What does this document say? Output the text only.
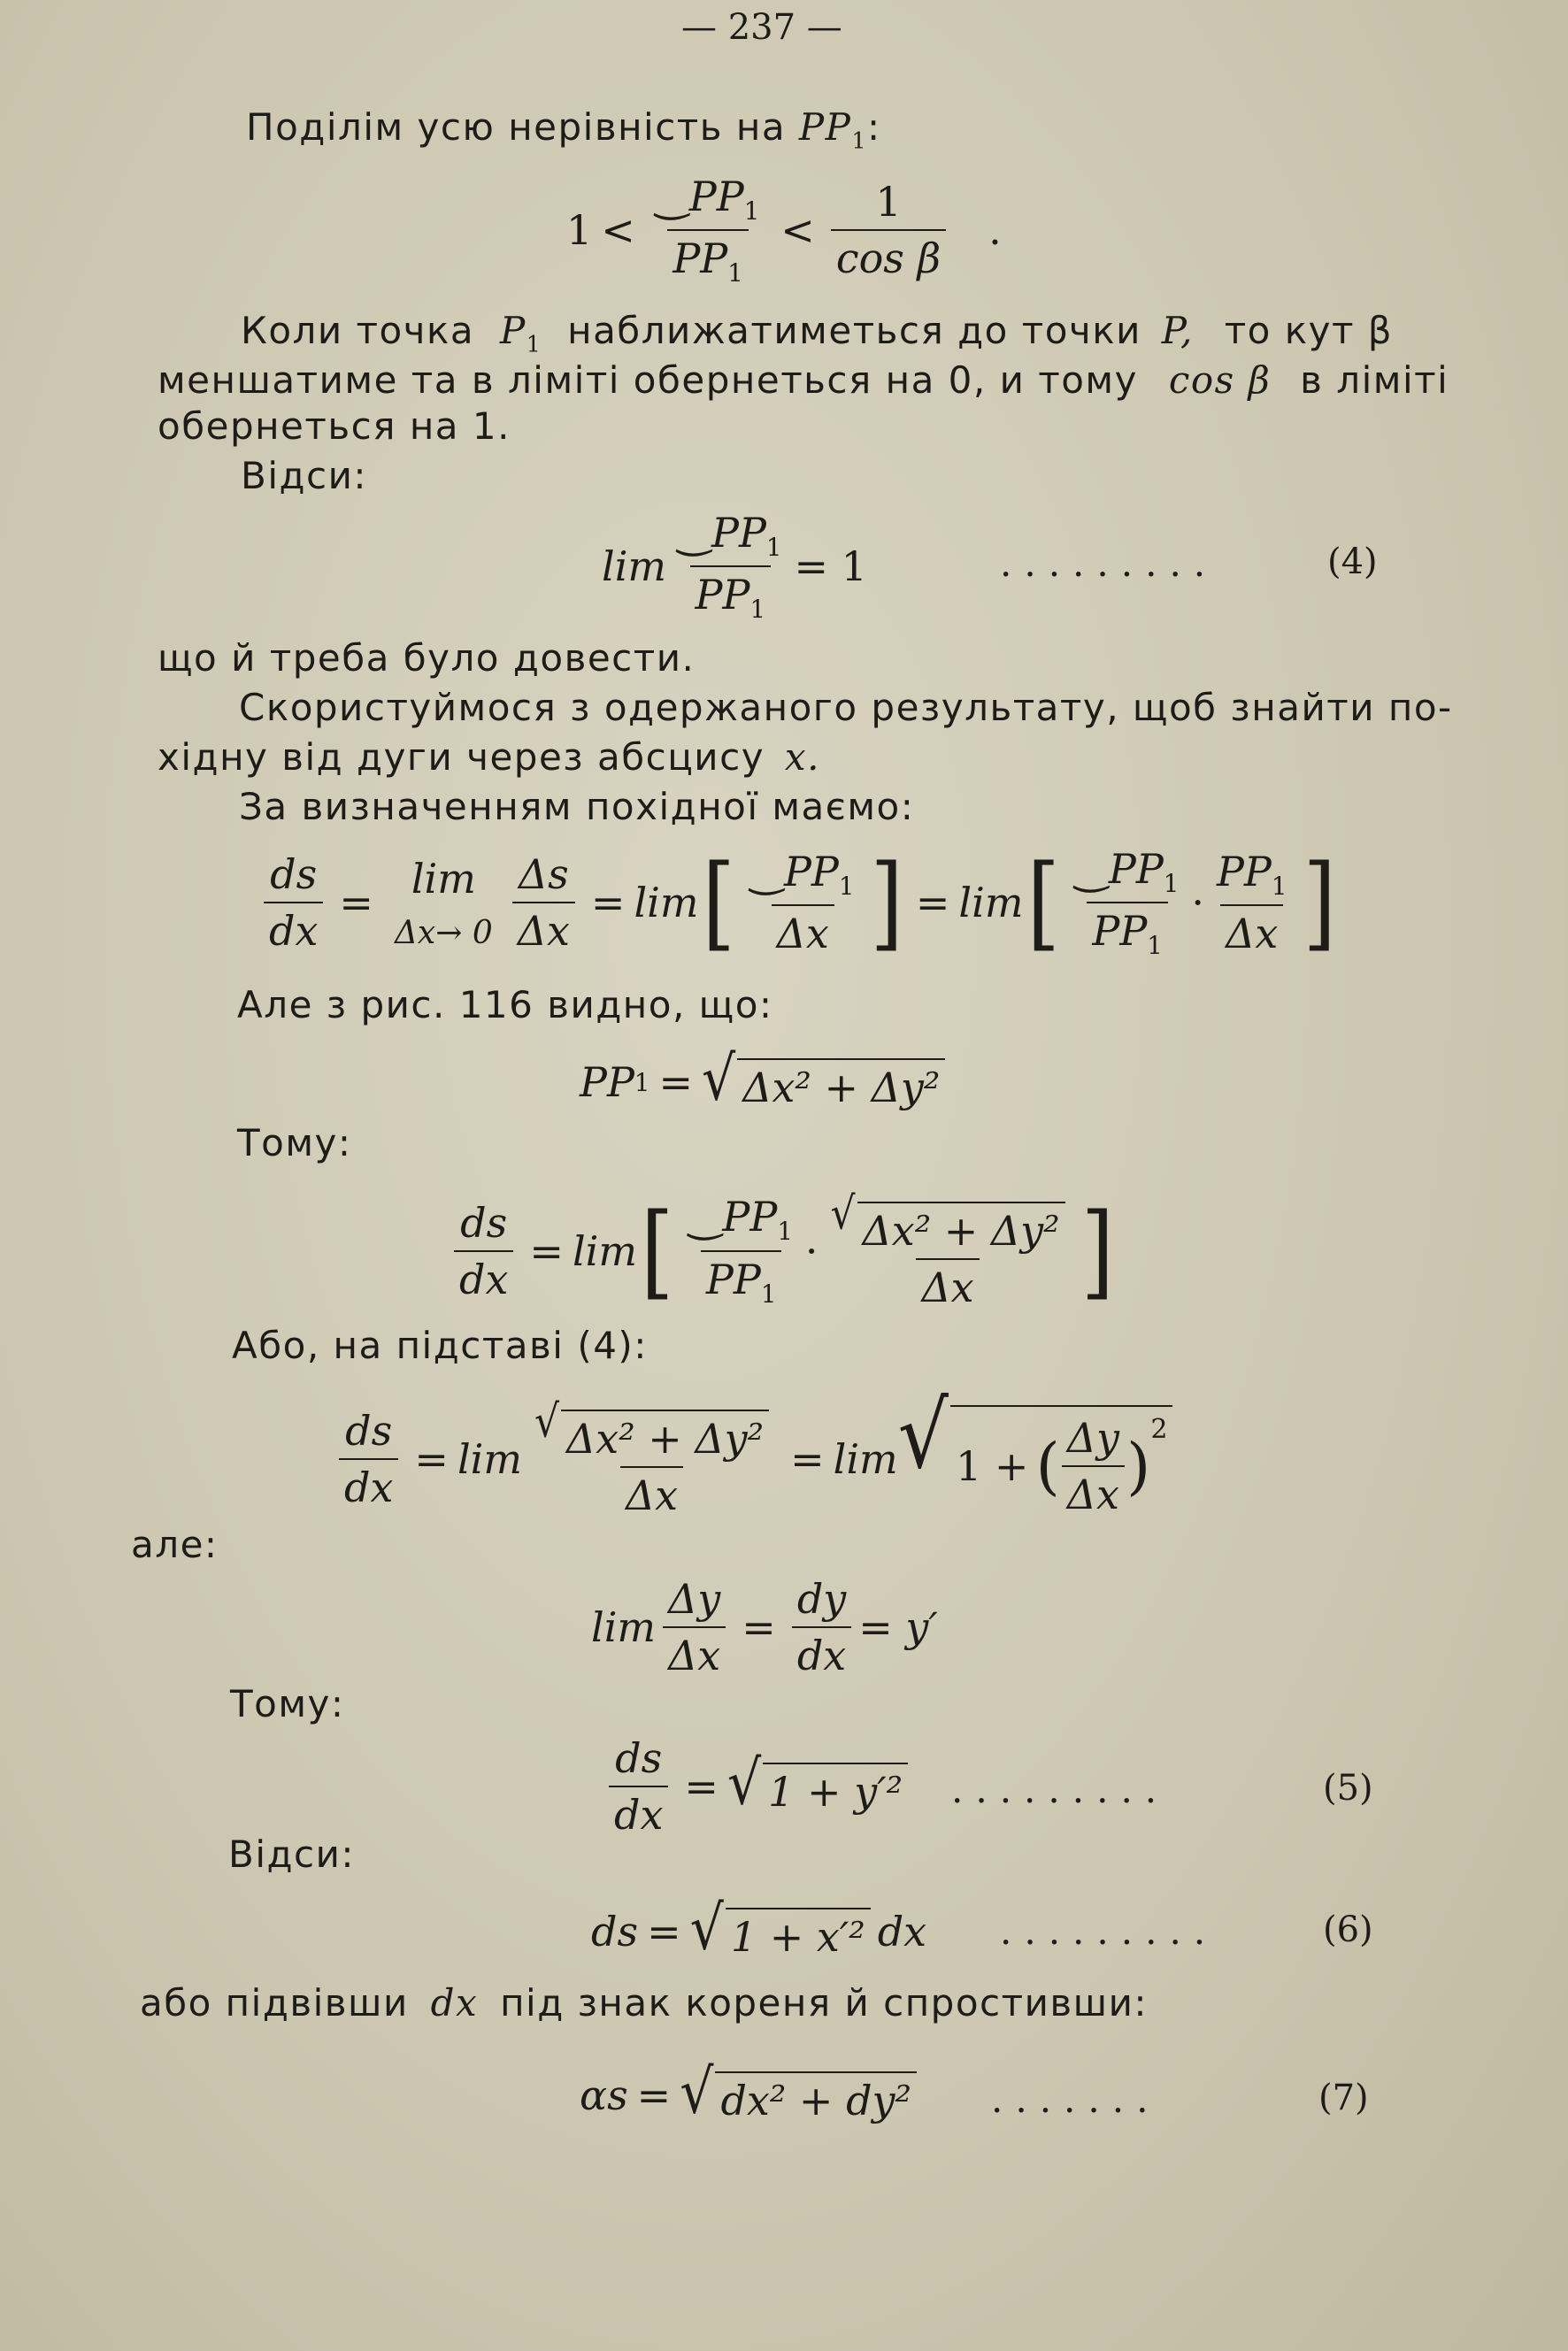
— 237 —
Поділім усю нерівність на $PP_1$:
$1 < \frac{‿PP_1}{PP_1} < \frac{1}{\text{cos β}}$ .
Коли точка $P_1$ наближатиметься до точки P, то кут β
меншатиме та в ліміті обернеться на 0, и тому cos β в ліміті
обернеться на 1.
Відси:
$\lim \frac{‿PP_1}{PP_1} = 1$	.........	(4)
що й треба було довести.
Скористуймося з одержаного результату, щоб знайти по-
хідну від дуги через абсцису x.
За визначенням похідної маємо:
$\frac{ds}{dx}$ =
lim
$\Delta x\to 0 \frac{\Delta s}{\Delta x} = \lim$ [ $\frac{‿PP_1}{\Delta x}$ ] = lim [ $\frac{‿PP_1}{PP_1} \cdot \frac{PP_1}{\Delta x}$ ]
Але з рис. 116 видно, що:
PP 1 = √ Δx² + Δy²
Тому:
$\frac{ds}{dx} = \lim$ [ $\frac{‿PP_1}{PP_1} \cdot \frac{\text{√ Δx² + Δy²}}{\Delta x}$ ]
Або, на підставі (4):
$\frac{ds}{dx} = \lim \frac{\text{√ Δx² + Δy²}}{\Delta x} = \lim$ √ 1 + ( $\frac{\Delta y}{\Delta x}$ )
$^2$
але:
$\lim \frac{\Delta y}{\Delta x} = \frac{dy}{dx} = y'$
Тому:
$\frac{ds}{dx}$ = √ 1 + y′² .........	(5)
Відси:
ds = √ 1 + x′² dx .........	(6)
або підвівши dx під знак кореня й спростивши:
αs = √ dx² + dy² .......	(7)
